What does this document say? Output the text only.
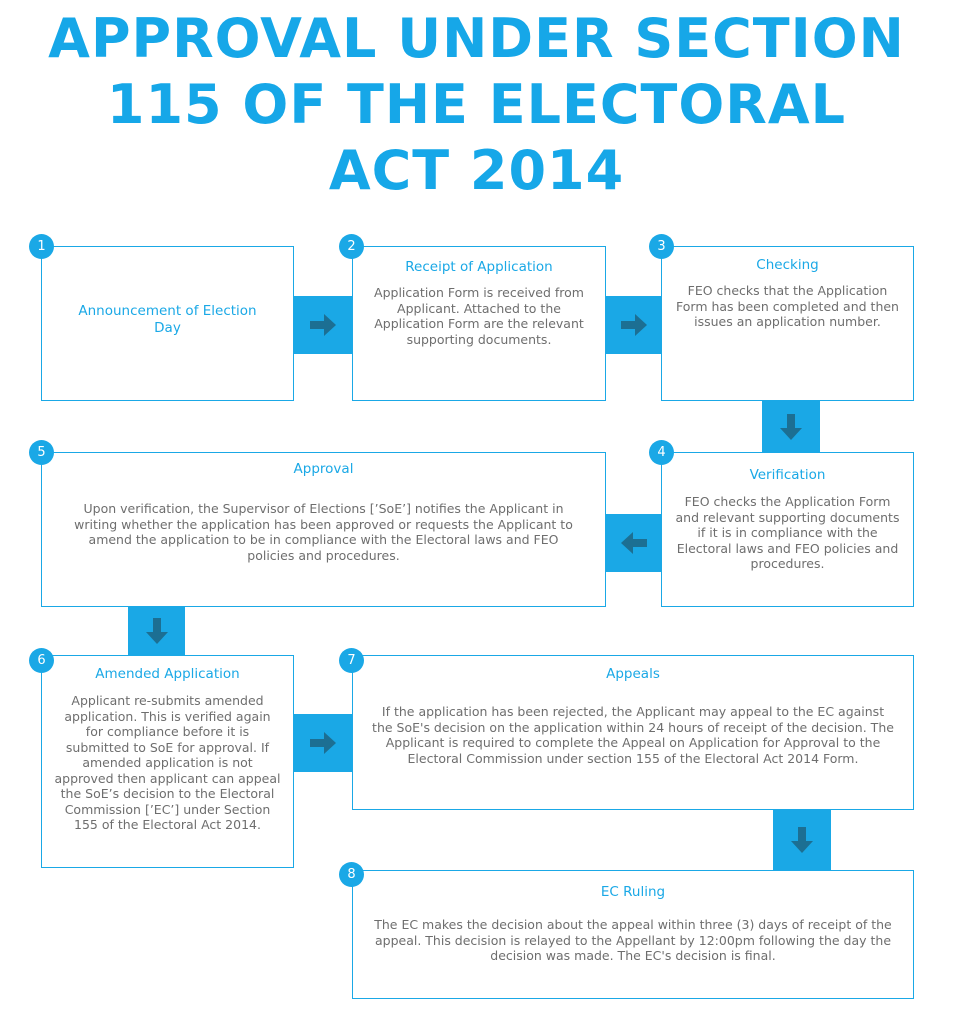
APPROVAL UNDER SECTION
115 OF THE ELECTORAL
ACT 2014
Announcement of Election Day
1
Receipt of Application
Application Form is received from Applicant. Attached to the Application Form are the relevant supporting documents.
2
Checking
FEO checks that the Application Form has been completed and then issues an application number.
3
Verification
FEO checks the Application Form and relevant supporting documents if it is in compliance with the Electoral laws and FEO policies and procedures.
4
Approval
Upon verification, the Supervisor of Elections [’SoE’] notifies the Applicant in writing whether the application has been approved or requests the Applicant to amend the application to be in compliance with the Electoral laws and FEO policies and procedures.
5
Amended Application
Applicant re-submits amended application. This is verified again for compliance before it is submitted to SoE for approval. If amended application is not approved then applicant can appeal the SoE’s decision to the Electoral Commission [’EC’] under Section 155 of the Electoral Act 2014.
6
Appeals
If the application has been rejected, the Applicant may appeal to the EC against the SoE's decision on the application within 24 hours of receipt of the decision. The Applicant is required to complete the Appeal on Application for Approval to the Electoral Commission under section 155 of the Electoral Act 2014 Form.
7
EC Ruling
The EC makes the decision about the appeal within three (3) days of receipt of the appeal. This decision is relayed to the Appellant by 12:00pm following the day the decision was made. The EC's decision is final.
8
